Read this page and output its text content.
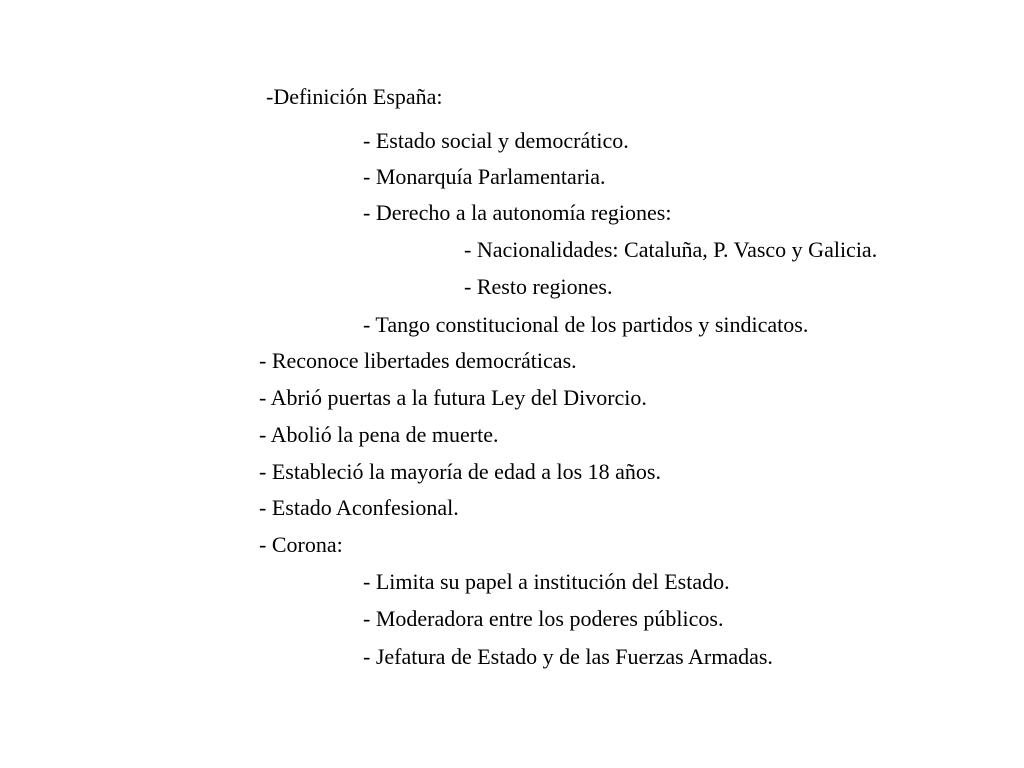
-Definición España:
- Estado social y democrático.
- Monarquía Parlamentaria.
- Derecho a la autonomía regiones:
- Nacionalidades: Cataluña, P. Vasco y Galicia.
- Resto regiones.
- Tango constitucional de los partidos y sindicatos.
- Reconoce libertades democráticas.
- Abrió puertas a la futura Ley del Divorcio.
- Abolió la pena de muerte.
- Estableció la mayoría de edad a los 18 años.
- Estado Aconfesional.
- Corona:
- Limita su papel a institución del Estado.
- Moderadora entre los poderes públicos.
- Jefatura de Estado y de las Fuerzas Armadas.
